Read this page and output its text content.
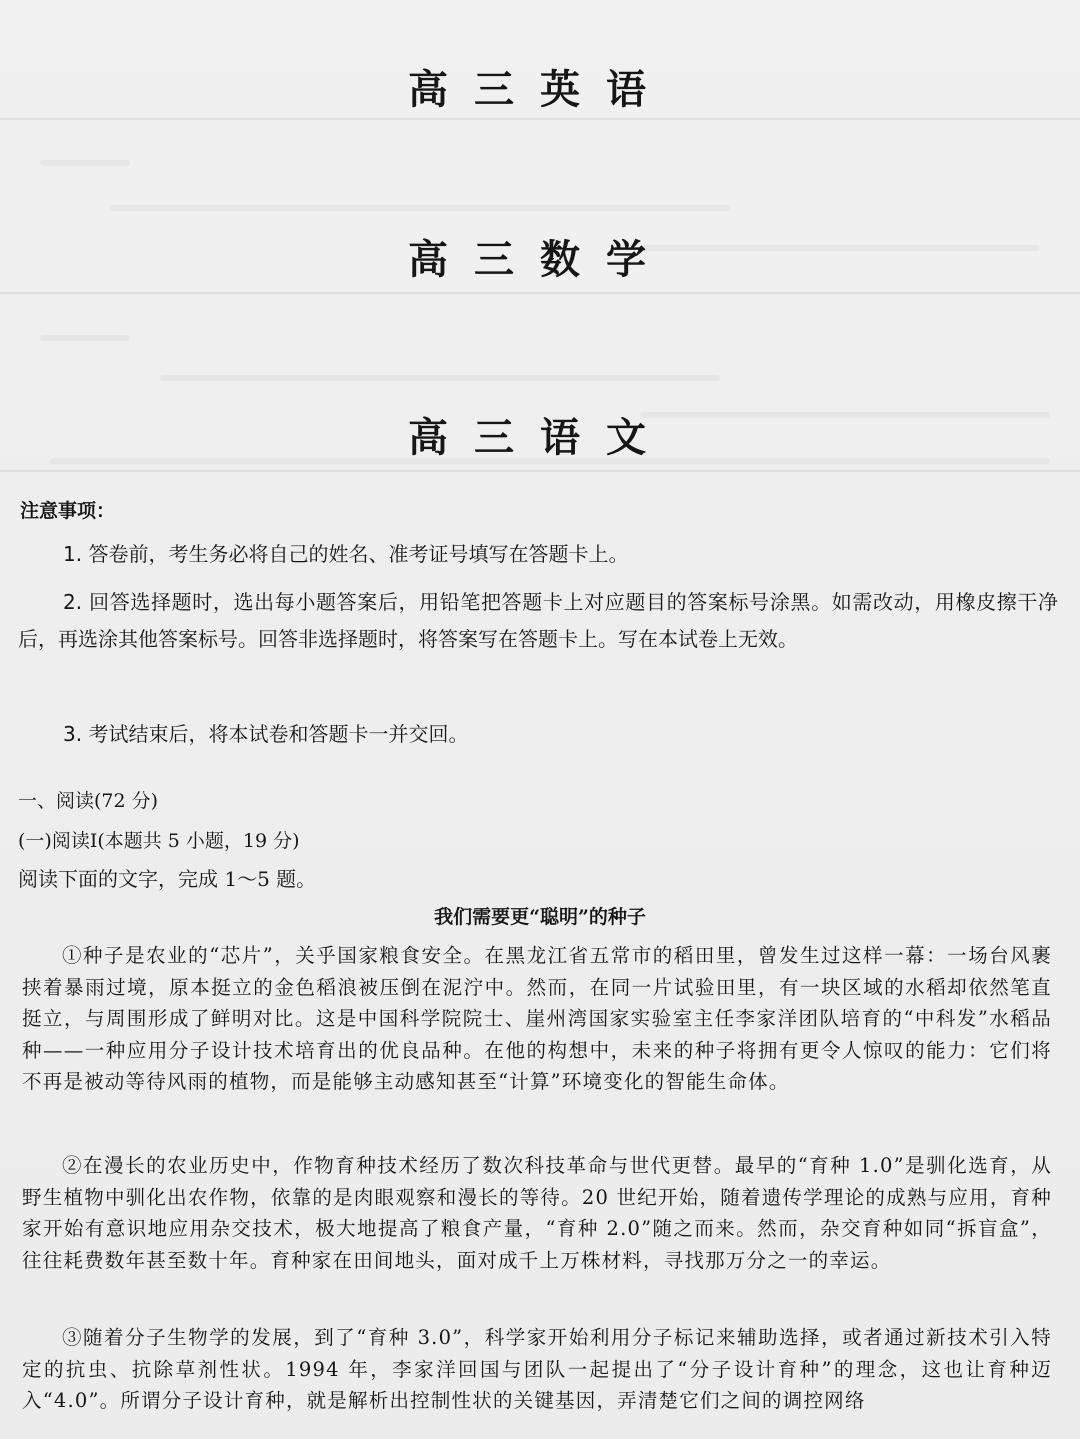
高三英语
高三数学
高三语文
注意事项：

1. 答卷前，考生务必将自己的姓名、准考证号填写在答题卡上。

2. 回答选择题时，选出每小题答案后，用铅笔把答题卡上对应题目的答案标号涂黑。如需改动，用橡皮擦干净后，再选涂其他答案标号。回答非选择题时，将答案写在答题卡上。写在本试卷上无效。

3. 考试结束后，将本试卷和答题卡一并交回。

一、阅读(72 分)

(一)阅读Ⅰ(本题共 5 小题，19 分)

阅读下面的文字，完成 1～5 题。

我们需要更“聪明”的种子

①种子是农业的“芯片”，关乎国家粮食安全。在黑龙江省五常市的稻田里，曾发生过这样一幕：一场台风裹挟着暴雨过境，原本挺立的金色稻浪被压倒在泥泞中。然而，在同一片试验田里，有一块区域的水稻却依然笔直挺立，与周围形成了鲜明对比。这是中国科学院院士、崖州湾国家实验室主任李家洋团队培育的“中科发”水稻品种——一种应用分子设计技术培育出的优良品种。在他的构想中，未来的种子将拥有更令人惊叹的能力：它们将不再是被动等待风雨的植物，而是能够主动感知甚至“计算”环境变化的智能生命体。

②在漫长的农业历史中，作物育种技术经历了数次科技革命与世代更替。最早的“育种 1.0”是驯化选育，从野生植物中驯化出农作物，依靠的是肉眼观察和漫长的等待。20 世纪开始，随着遗传学理论的成熟与应用，育种家开始有意识地应用杂交技术，极大地提高了粮食产量，“育种 2.0”随之而来。然而，杂交育种如同“拆盲盒”，往往耗费数年甚至数十年。育种家在田间地头，面对成千上万株材料，寻找那万分之一的幸运。

③随着分子生物学的发展，到了“育种 3.0”，科学家开始利用分子标记来辅助选择，或者通过新技术引入特定的抗虫、抗除草剂性状。1994 年，李家洋回国与团队一起提出了“分子设计育种”的理念，这也让育种迈入“4.0”。所谓分子设计育种，就是解析出控制性状的关键基因，弄清楚它们之间的调控网络
